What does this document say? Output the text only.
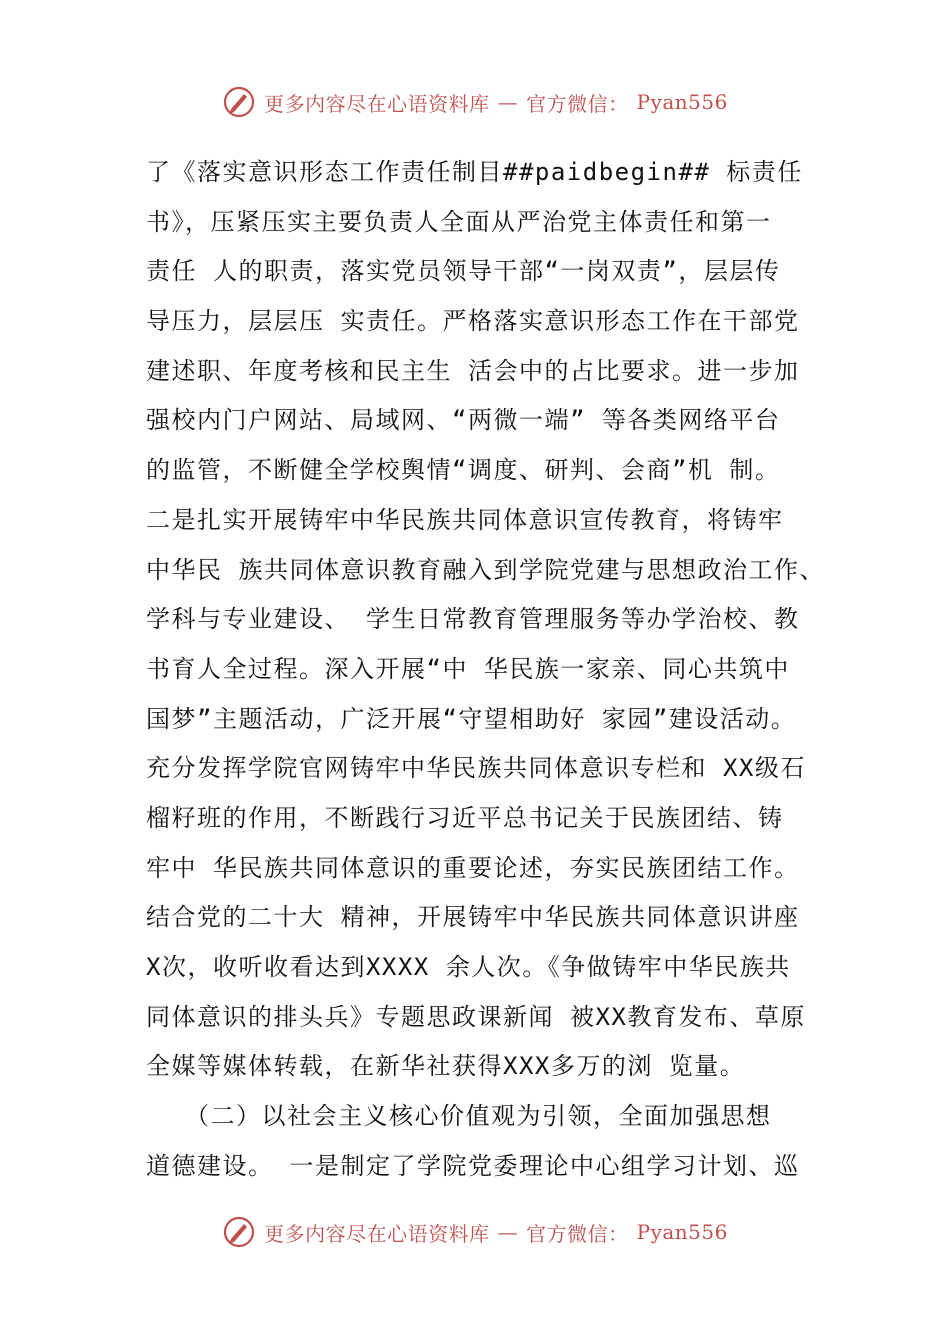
更多内容尽在心语资料库 — 官方微信： Pyan556
了《落实意识形态工作责任制目##paidbegin## 标责任
书》，压紧压实主要负责人全面从严治党主体责任和第一
责任 人的职责，落实党员领导干部“一岗双责”，层层传
导压力，层层压 实责任。严格落实意识形态工作在干部党
建述职、年度考核和民主生 活会中的占比要求。进一步加
强校内门户网站、局域网、“两微一端” 等各类网络平台
的监管，不断健全学校舆情“调度、研判、会商”机 制。
二是扎实开展铸牢中华民族共同体意识宣传教育，将铸牢
中华民 族共同体意识教育融入到学院党建与思想政治工作、
学科与专业建设、 学生日常教育管理服务等办学治校、教
书育人全过程。深入开展“中 华民族一家亲、同心共筑中
国梦”主题活动，广泛开展“守望相助好 家园”建设活动。
充分发挥学院官网铸牢中华民族共同体意识专栏和 XX级石
榴籽班的作用，不断践行习近平总书记关于民族团结、铸
牢中 华民族共同体意识的重要论述，夯实民族团结工作。
结合党的二十大 精神，开展铸牢中华民族共同体意识讲座
X次，收听收看达到XXXX 余人次。《争做铸牢中华民族共
同体意识的排头兵》专题思政课新闻 被XX教育发布、草原
全媒等媒体转载，在新华社获得XXX多万的浏 览量。
　　（二）以社会主义核心价值观为引领，全面加强思想
道德建设。 一是制定了学院党委理论中心组学习计划、巡
更多内容尽在心语资料库 — 官方微信： Pyan556
